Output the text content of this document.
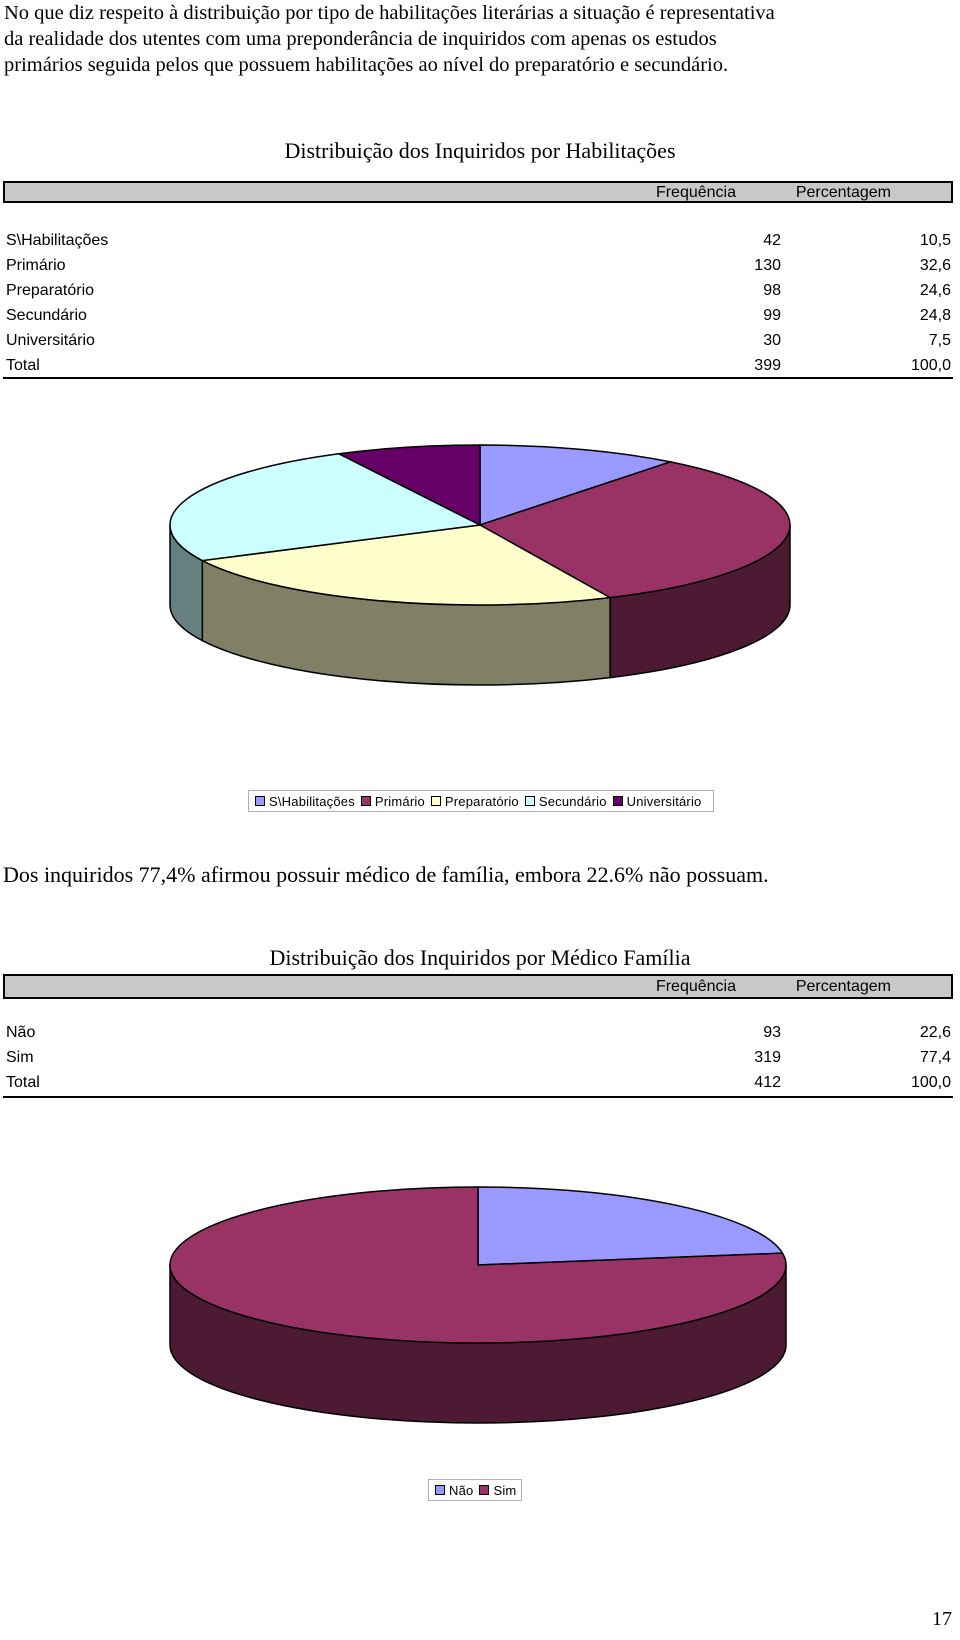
No que diz respeito à distribuição por tipo de habilitações literárias a situação é representativa
da realidade dos utentes com uma preponderância de inquiridos com apenas os estudos
primários seguida pelos que possuem habilitações ao nível do preparatório e secundário.
Distribuição dos Inquiridos por Habilitações
Frequência	Percentagem
S\Habilitações	42	10,5
Primário	130	32,6
Preparatório	98	24,6
Secundário	99	24,8
Universitário	30	7,5
Total	399	100,0
S\Habilitações Primário Preparatório Secundário Universitário
Dos inquiridos 77,4% afirmou possuir médico de família, embora 22.6% não possuam.
Distribuição dos Inquiridos por Médico Família
Frequência	Percentagem
Não	93	22,6
Sim	319	77,4
Total	412	100,0
Não Sim
17
